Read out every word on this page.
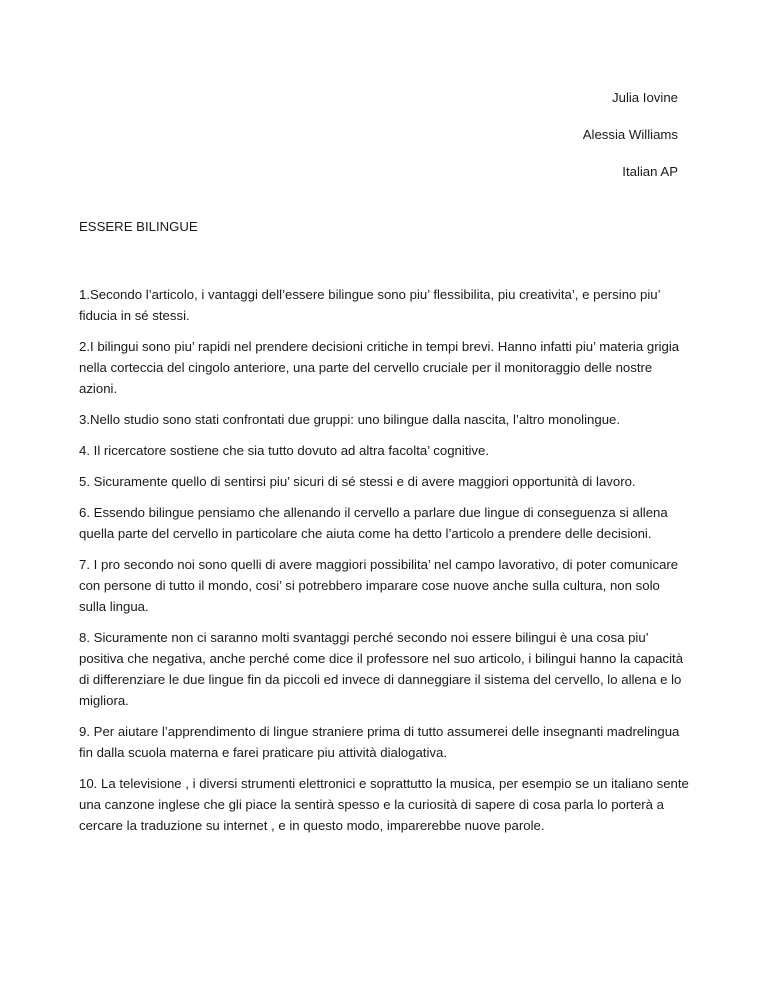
Julia Iovine

Alessia Williams

Italian AP

ESSERE BILINGUE

1.Secondo l’articolo, i vantaggi dell’essere bilingue sono piu’ flessibilita, piu creativita’, e persino piu’ fiducia in sé stessi.

2.I bilingui sono piu’ rapidi nel prendere decisioni critiche in tempi brevi. Hanno infatti piu’ materia grigia nella corteccia del cingolo anteriore, una parte del cervello cruciale per il monitoraggio delle nostre azioni.

3.Nello studio sono stati confrontati due gruppi: uno bilingue dalla nascita, l’altro monolingue.

4. Il ricercatore sostiene che sia tutto dovuto ad altra facolta’ cognitive.

5. Sicuramente quello di sentirsi piu’ sicuri di sé stessi e di avere maggiori opportunità di lavoro.

6. Essendo bilingue pensiamo che allenando il cervello a parlare due lingue di conseguenza si allena quella parte del cervello in particolare che aiuta come ha detto l’articolo a prendere delle decisioni.

7. I pro secondo noi sono quelli di avere maggiori possibilita’ nel campo lavorativo, di poter comunicare con persone di tutto il mondo, cosi’ si potrebbero imparare cose nuove anche sulla cultura, non solo sulla lingua.

8. Sicuramente non ci saranno molti svantaggi perché secondo noi essere bilingui è una cosa piu’ positiva che negativa, anche perché come dice il professore nel suo articolo, i bilingui hanno la capacità di differenziare le due lingue fin da piccoli ed invece di danneggiare il sistema del cervello, lo allena e lo migliora.

9. Per aiutare l’apprendimento di lingue straniere prima di tutto assumerei delle insegnanti madrelingua fin dalla scuola materna e farei praticare piu attività dialogativa.

10. La televisione , i diversi strumenti elettronici e soprattutto la musica, per esempio se un italiano sente una canzone inglese che gli piace la sentirà spesso e la curiosità di sapere di cosa parla lo porterà a cercare la traduzione su internet , e in questo modo, imparerebbe nuove parole.
